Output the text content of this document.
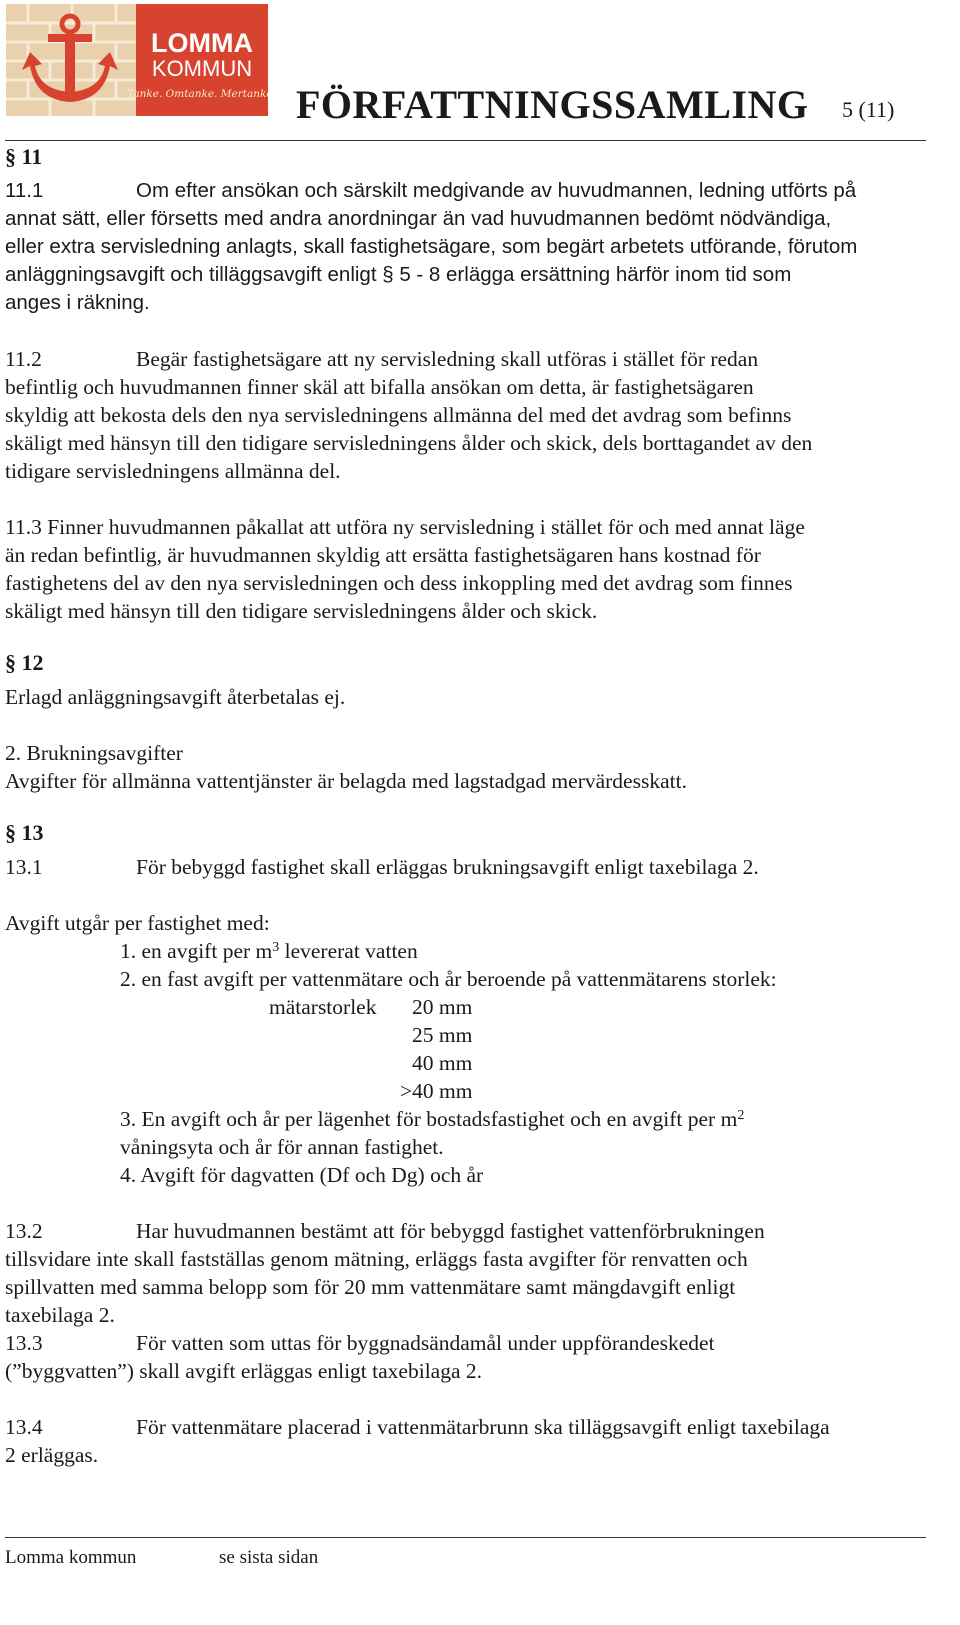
LOMMA
KOMMUN
Tanke. Omtanke. Mertanke! FÖRFATTNINGSSAMLING 5 (11)
§ 11
11.1	Om efter ansökan och särskilt medgivande av huvudmannen, ledning utförts på
annat sätt, eller försetts med andra anordningar än vad huvudmannen bedömt nödvändiga,
eller extra servisledning anlagts, skall fastighetsägare, som begärt arbetets utförande, förutom
anläggningsavgift och tilläggsavgift enligt § 5 - 8 erlägga ersättning härför inom tid som
anges i räkning.
11.2	Begär fastighetsägare att ny servisledning skall utföras i stället för redan
befintlig och huvudmannen finner skäl att bifalla ansökan om detta, är fastighetsägaren
skyldig att bekosta dels den nya servisledningens allmänna del med det avdrag som befinns
skäligt med hänsyn till den tidigare servisledningens ålder och skick, dels borttagandet av den
tidigare servisledningens allmänna del.
11.3 Finner huvudmannen påkallat att utföra ny servisledning i stället för och med annat läge
än redan befintlig, är huvudmannen skyldig att ersätta fastighetsägaren hans kostnad för
fastighetens del av den nya servisledningen och dess inkoppling med det avdrag som finnes
skäligt med hänsyn till den tidigare servisledningens ålder och skick.
§ 12
Erlagd anläggningsavgift återbetalas ej.
2. Brukningsavgifter
Avgifter för allmänna vattentjänster är belagda med lagstadgad mervärdesskatt.
§ 13
13.1	För bebyggd fastighet skall erläggas brukningsavgift enligt taxebilaga 2.
Avgift utgår per fastighet med:
1. en avgift per $m^3$ levererat vatten
2. en fast avgift per vattenmätare och år beroende på vattenmätarens storlek:
mätarstorlek 20 mm
25 mm
40 mm
>40 mm
3. En avgift och år per lägenhet för bostadsfastighet och en avgift per $m^2$
våningsyta och år för annan fastighet.
4. Avgift för dagvatten (Df och Dg) och år
13.2	Har huvudmannen bestämt att för bebyggd fastighet vattenförbrukningen
tillsvidare inte skall fastställas genom mätning, erläggs fasta avgifter för renvatten och
spillvatten med samma belopp som för 20 mm vattenmätare samt mängdavgift enligt
taxebilaga 2.
13.3	För vatten som uttas för byggnadsändamål under uppförandeskedet
(”byggvatten”) skall avgift erläggas enligt taxebilaga 2.
13.4	För vattenmätare placerad i vattenmätarbrunn ska tilläggsavgift enligt taxebilaga
2 erläggas.
Lomma kommun	se sista sidan
